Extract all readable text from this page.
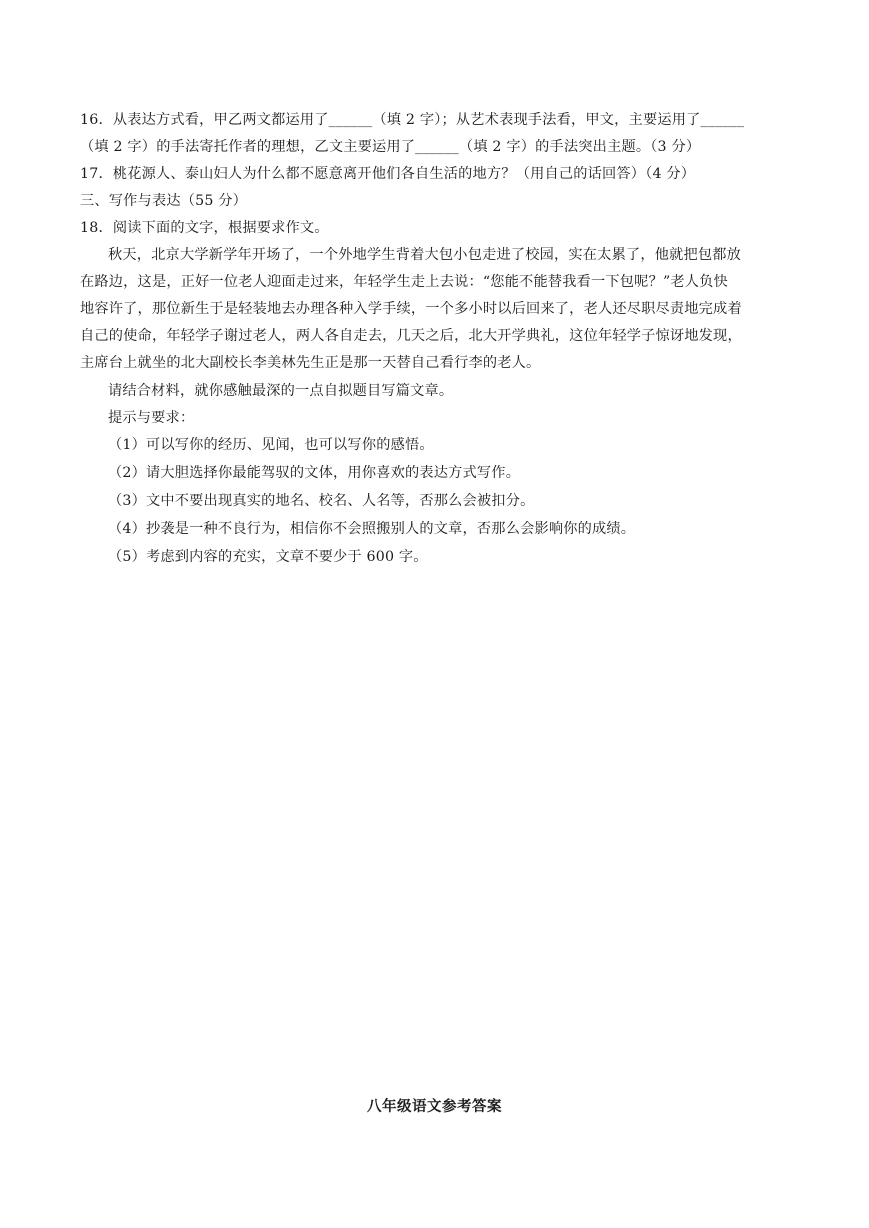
16．从表达方式看，甲乙两文都运用了______（填 2 字）；从艺术表现手法看，甲文，主要运用了______
（填 2 字）的手法寄托作者的理想，乙文主要运用了______（填 2 字）的手法突出主题。（3 分）
17．桃花源人、泰山妇人为什么都不愿意离开他们各自生活的地方？（用自己的话回答）（4 分）
三、写作与表达（55 分）
18．阅读下面的文字，根据要求作文。
秋天，北京大学新学年开场了，一个外地学生背着大包小包走进了校园，实在太累了，他就把包都放
在路边，这是，正好一位老人迎面走过来，年轻学生走上去说：“您能不能替我看一下包呢？”老人负快
地容许了，那位新生于是轻装地去办理各种入学手续，一个多小时以后回来了，老人还尽职尽责地完成着
自己的使命，年轻学子谢过老人，两人各自走去，几天之后，北大开学典礼，这位年轻学子惊讶地发现，
主席台上就坐的北大副校长李美林先生正是那一天替自己看行李的老人。
请结合材料，就你感触最深的一点自拟题目写篇文章。
提示与要求：
（1）可以写你的经历、见闻，也可以写你的感悟。
（2）请大胆选择你最能驾驭的文体，用你喜欢的表达方式写作。
（3）文中不要出现真实的地名、校名、人名等，否那么会被扣分。
（4）抄袭是一种不良行为，相信你不会照搬别人的文章，否那么会影响你的成绩。
（5）考虑到内容的充实，文章不要少于 600 字。
八年级语文参考答案
